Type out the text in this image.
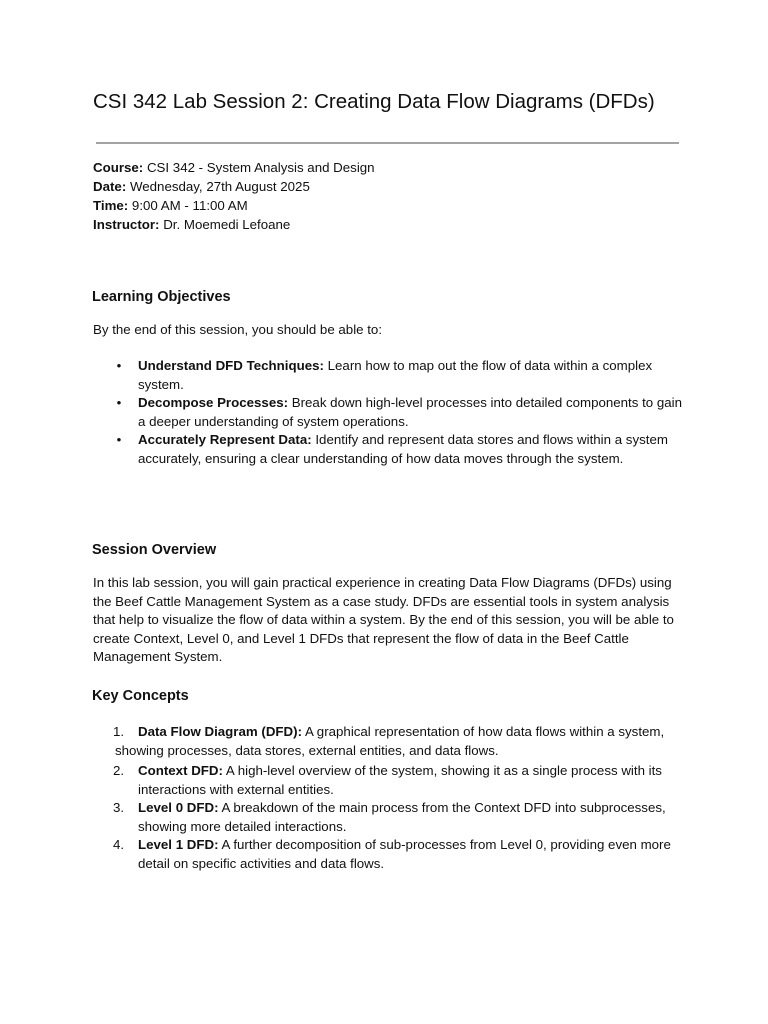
CSI 342 Lab Session 2: Creating Data Flow Diagrams (DFDs)
Course: CSI 342 - System Analysis and Design
Date: Wednesday, 27th August 2025
Time: 9:00 AM - 11:00 AM
Instructor: Dr. Moemedi Lefoane
Learning Objectives

By the end of this session, you should be able to:

• Understand DFD Techniques: Learn how to map out the flow of data within a complex system.
• Decompose Processes: Break down high-level processes into detailed components to gain a deeper understanding of system operations.
• Accurately Represent Data: Identify and represent data stores and flows within a system accurately, ensuring a clear understanding of how data moves through the system.
Session Overview

In this lab session, you will gain practical experience in creating Data Flow Diagrams (DFDs) using the Beef Cattle Management System as a case study. DFDs are essential tools in system analysis that help to visualize the flow of data within a system. By the end of this session, you will be able to create Context, Level 0, and Level 1 DFDs that represent the flow of data in the Beef Cattle Management System.

Key Concepts
1.	Data Flow Diagram (DFD): A graphical representation of how data flows within a system, showing processes, data stores, external entities, and data flows.
2.	Context DFD: A high-level overview of the system, showing it as a single process with its interactions with external entities.
3.	Level 0 DFD: A breakdown of the main process from the Context DFD into subprocesses, showing more detailed interactions.
4.	Level 1 DFD: A further decomposition of sub-processes from Level 0, providing even more detail on specific activities and data flows.
